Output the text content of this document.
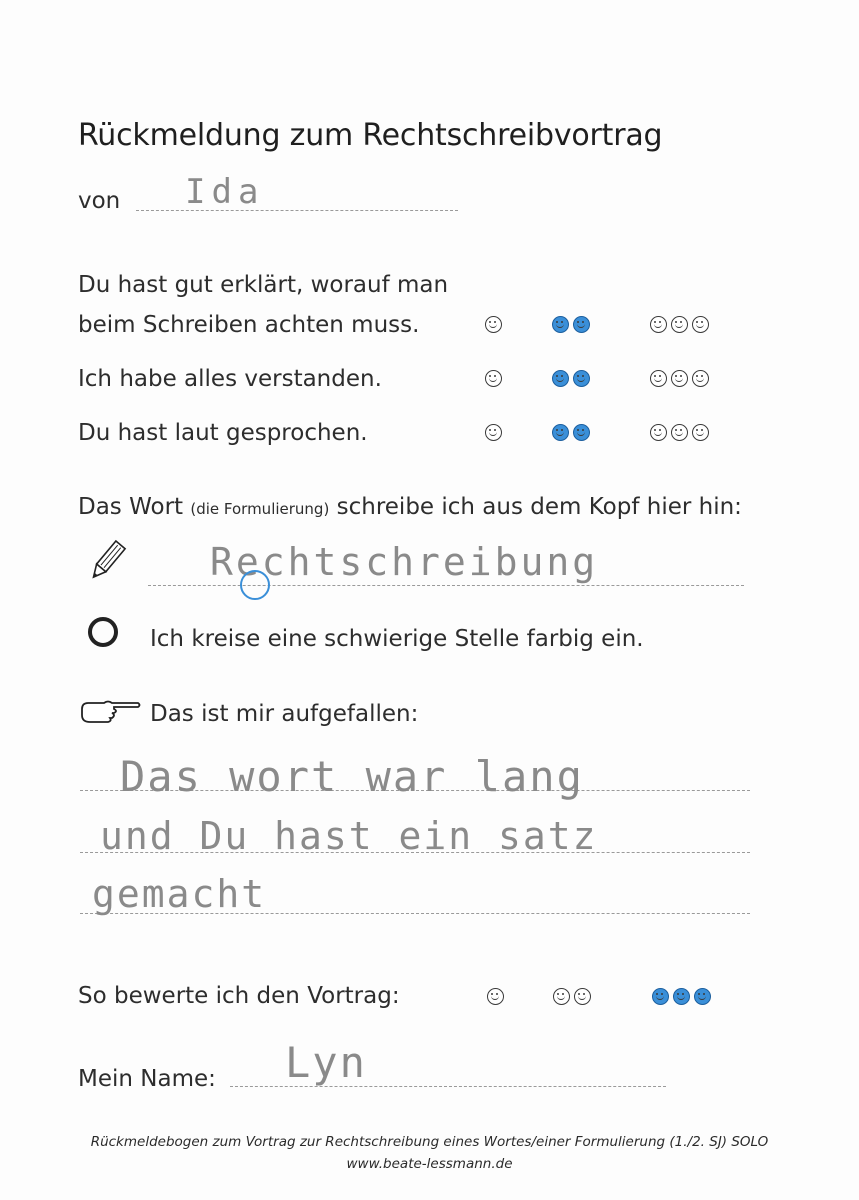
Rückmeldung zum Rechtschreibvortrag
von Ida
Du hast gut erklärt, worauf man
beim Schreiben achten muss.
Ich habe alles verstanden.
Du hast laut gesprochen.
Das Wort (die Formulierung) schreibe ich aus dem Kopf hier hin:
Rechtschreibung
Ich kreise eine schwierige Stelle farbig ein.
Das ist mir aufgefallen:
Das wort war lang
und Du hast ein satz
gemacht
So bewerte ich den Vortrag:
Mein Name: Lyn
Rückmeldebogen zum Vortrag zur Rechtschreibung eines Wortes/einer Formulierung (1./2. SJ) SOLO
www.beate-lessmann.de
